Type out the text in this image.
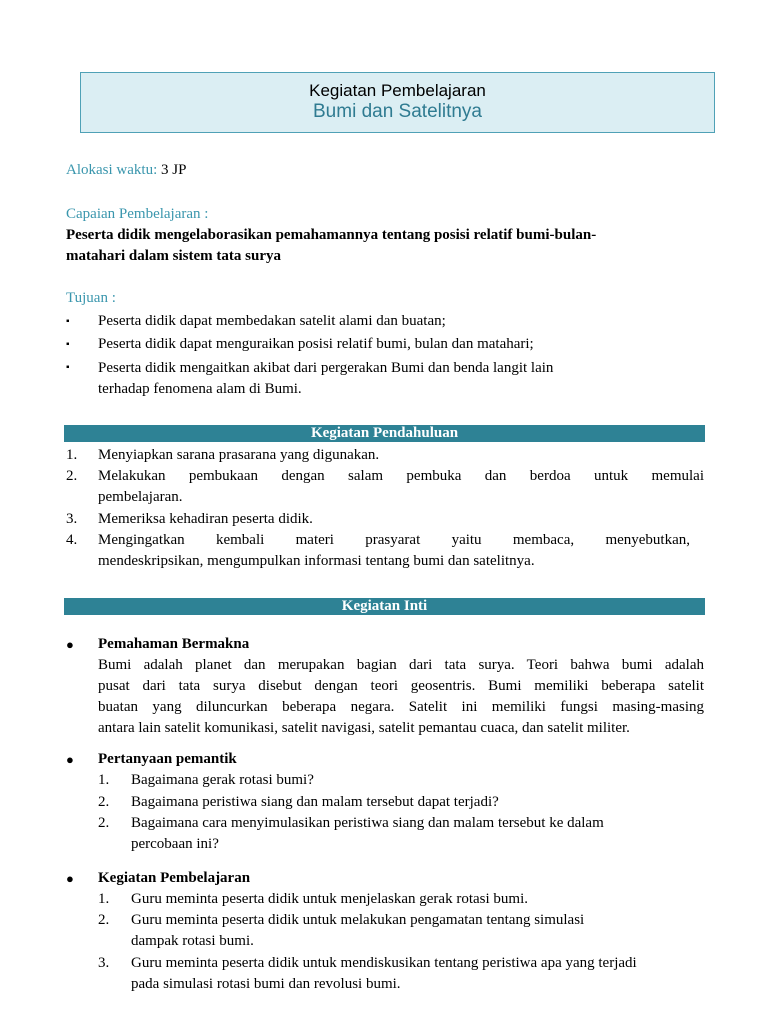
Kegiatan Pembelajaran
Bumi dan Satelitnya
Alokasi waktu: 3 JP
Capaian Pembelajaran :
Peserta didik mengelaborasikan pemahamannya tentang posisi relatif bumi-bulan-
matahari dalam sistem tata surya
Tujuan :
▪ Peserta didik dapat membedakan satelit alami dan buatan;
▪ Peserta didik dapat menguraikan posisi relatif bumi, bulan dan matahari;
▪ Peserta didik mengaitkan akibat dari pergerakan Bumi dan benda langit lain
terhadap fenomena alam di Bumi.
Kegiatan Pendahuluan
1. Menyiapkan sarana prasarana yang digunakan.
2. Melakukan pembukaan dengan salam pembuka dan berdoa untuk memulai
pembelajaran.
3. Memeriksa kehadiran peserta didik.
4. Mengingatkan kembali materi prasyarat yaitu membaca, menyebutkan,
mendeskripsikan, mengumpulkan informasi tentang bumi dan satelitnya.
Kegiatan Inti
● Pemahaman Bermakna
Bumi adalah planet dan merupakan bagian dari tata surya. Teori bahwa bumi adalah
pusat dari tata surya disebut dengan teori geosentris. Bumi memiliki beberapa satelit
buatan yang diluncurkan beberapa negara. Satelit ini memiliki fungsi masing-masing
antara lain satelit komunikasi, satelit navigasi, satelit pemantau cuaca, dan satelit militer.
● Pertanyaan pemantik
1. Bagaimana gerak rotasi bumi?
2. Bagaimana peristiwa siang dan malam tersebut dapat terjadi?
2. Bagaimana cara menyimulasikan peristiwa siang dan malam tersebut ke dalam
percobaan ini?
● Kegiatan Pembelajaran
1. Guru meminta peserta didik untuk menjelaskan gerak rotasi bumi.
2. Guru meminta peserta didik untuk melakukan pengamatan tentang simulasi
dampak rotasi bumi.
3. Guru meminta peserta didik untuk mendiskusikan tentang peristiwa apa yang terjadi
pada simulasi rotasi bumi dan revolusi bumi.
